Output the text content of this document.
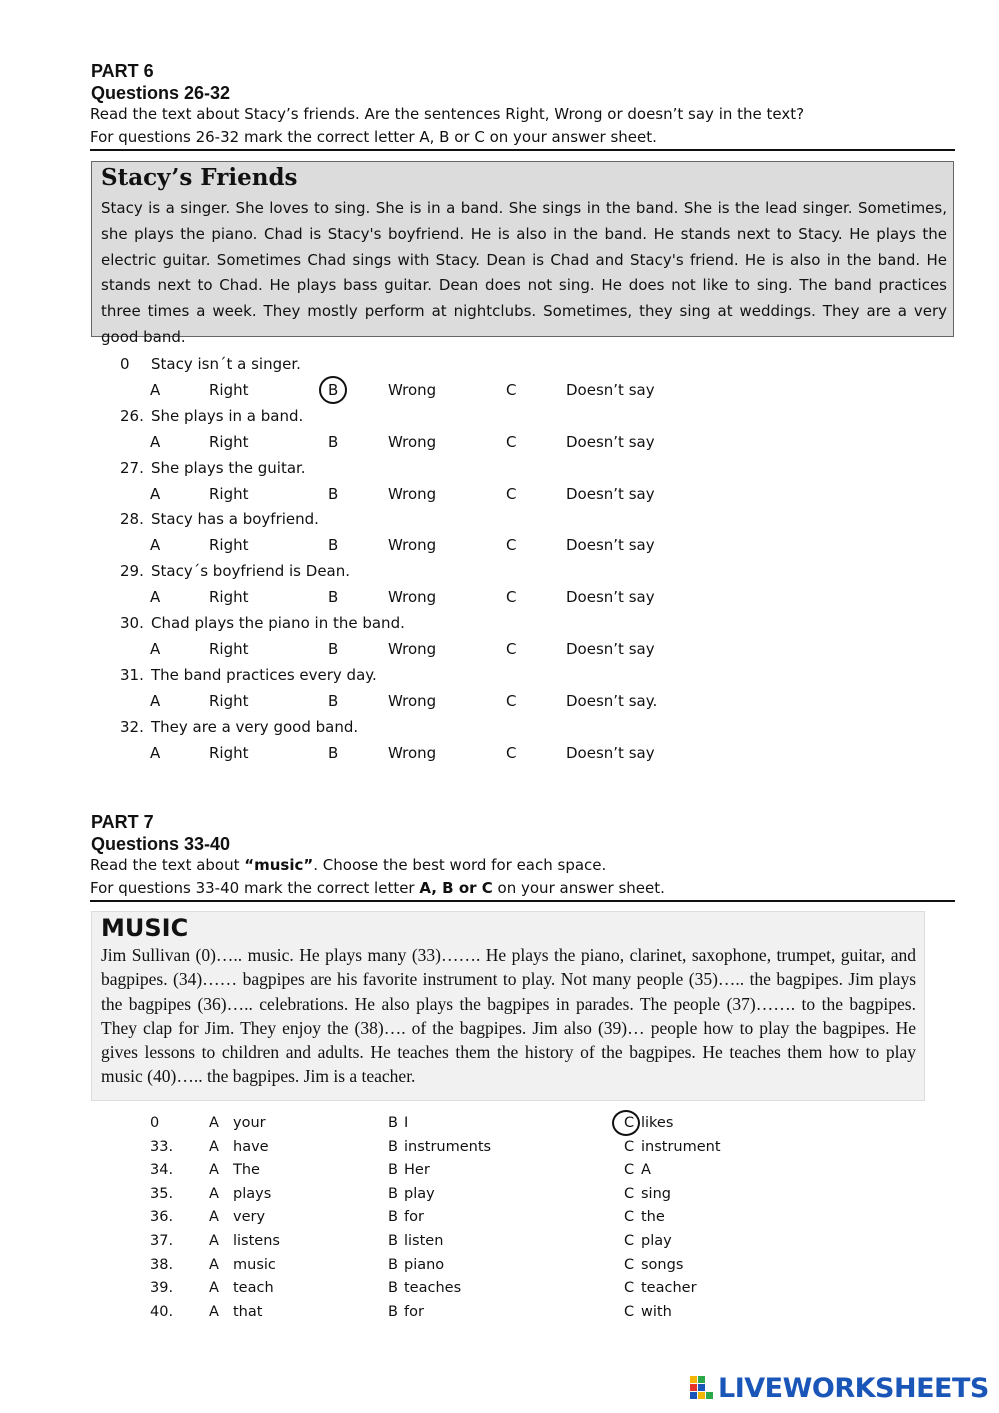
PART 6
Questions 26-32
Read the text about Stacy’s friends. Are the sentences Right, Wrong or doesn’t say in the text?
For questions 26-32 mark the correct letter A, B or C on your answer sheet.
Stacy’s Friends

Stacy is a singer. She loves to sing. She is in a band. She sings in the band. She is the lead singer. Sometimes, she plays the piano. Chad is Stacy's boyfriend. He is also in the band. He stands next to Stacy. He plays the electric guitar. Sometimes Chad sings with Stacy. Dean is Chad and Stacy's friend. He is also in the band. He stands next to Chad. He plays bass guitar. Dean does not sing. He does not like to sing. The band practices three times a week. They mostly perform at nightclubs. Sometimes, they sing at weddings. They are a very good band.

0 Stacy isn´t a singer.
A	Right	B	Wrong	C	Doesn’t say
26. She plays in a band.
A	Right	B	Wrong	C	Doesn’t say
27. She plays the guitar.
A	Right	B	Wrong	C	Doesn’t say
28. Stacy has a boyfriend.
A	Right	B	Wrong	C	Doesn’t say
29. Stacy´s boyfriend is Dean.
A	Right	B	Wrong	C	Doesn’t say
30. Chad plays the piano in the band.
A	Right	B	Wrong	C	Doesn’t say
31. The band practices every day.
A	Right	B	Wrong	C	Doesn’t say.
32. They are a very good band.
A	Right	B	Wrong	C	Doesn’t say
PART 7
Questions 33-40
Read the text about “music”. Choose the best word for each space.
For questions 33-40 mark the correct letter A, B or C on your answer sheet.
MUSIC

Jim Sullivan (0)….. music. He plays many (33)……. He plays the piano, clarinet, saxophone, trumpet, guitar, and bagpipes. (34)…… bagpipes are his favorite instrument to play. Not many people (35)….. the bagpipes. Jim plays the bagpipes (36)….. celebrations. He also plays the bagpipes in parades. The people (37)……. to the bagpipes. They clap for Jim. They enjoy the (38)…. of the bagpipes. Jim also (39)… people how to play the bagpipes. He gives lessons to children and adults. He teaches them the history of the bagpipes. He teaches them how to play music (40)….. the bagpipes. Jim is a teacher.

0	A your	B I	C likes
33. A have	B instruments	C instrument
34. A The	B Her	C A
35. A plays	B play	C sing
36. A very	B for	C the
37. A listens	B listen	C play
38. A music	B piano	C songs
39. A teach	B teaches	C teacher
40. A that	B for	C with
LIVEWORKSHEETS
